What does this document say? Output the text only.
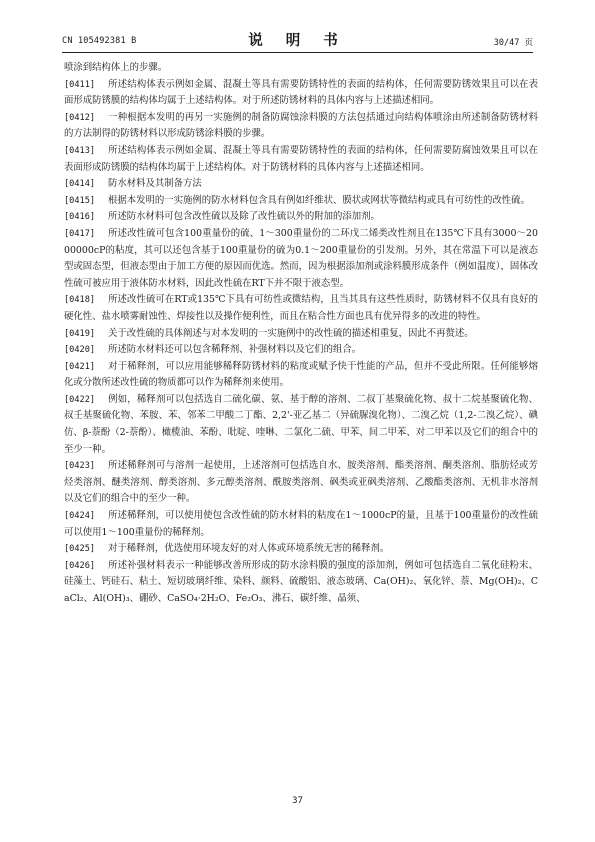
CN 105492381 B	说 明 书	30/47 页

喷涂到结构体上的步骤。

[0411] 所述结构体表示例如金属、混凝土等具有需要防锈特性的表面的结构体，任何需要防锈效果且可以在表面形成防锈膜的结构体均属于上述结构体。对于所述防锈材料的具体内容与上述描述相同。

[0412] 一种根据本发明的再另一实施例的制备防腐蚀涂料膜的方法包括通过向结构体喷涂由所述制备防锈材料的方法制得的防锈材料以形成防锈涂料膜的步骤。

[0413] 所述结构体表示例如金属、混凝土等具有需要防锈特性的表面的结构体，任何需要防腐蚀效果且可以在表面形成防锈膜的结构体均属于上述结构体。对于防锈材料的具体内容与上述描述相同。

[0414] 防水材料及其制备方法

[0415] 根据本发明的一实施例的防水材料包含具有例如纤维状、膜状或网状等微结构或具有可纺性的改性硫。

[0416] 所述防水材料可包含改性硫以及除了改性硫以外的附加的添加剂。

[0417] 所述改性硫可包含100重量份的硫、1～300重量份的二环戊二烯类改性剂且在135℃下具有3000～2000000cP的粘度，其可以还包含基于100重量份的硫为0.1～200重量份的引发剂。另外，其在常温下可以是液态型或固态型，但液态型由于加工方便的原因而优选。然而，因为根据添加剂或涂料膜形成条件（例如温度），固体改性硫可被应用于液体防水材料，因此改性硫在RT下并不限于液态型。

[0418] 所述改性硫可在RT或135℃下具有可纺性或微结构，且当其具有这些性质时，防锈材料不仅具有良好的硬化性、盐水喷雾耐蚀性、焊接性以及操作便利性，而且在粘合性方面也具有优异得多的改进的特性。

[0419] 关于改性硫的具体阐述与对本发明的一实施例中的改性硫的描述相重复，因此不再赘述。

[0420] 所述防水材料还可以包含稀释剂、补强材料以及它们的组合。

[0421] 对于稀释剂，可以应用能够稀释防锈材料的粘度或赋予快干性能的产品，但并不受此所限。任何能够熔化或分散所述改性硫的物质都可以作为稀释剂来使用。

[0422] 例如，稀释剂可以包括选自二硫化碳、氨、基于醇的溶剂、二叔丁基聚硫化物、叔十二烷基聚硫化物、叔壬基聚硫化物、苯胺、苯、邻苯二甲酸二丁酯、2,2'-亚乙基二（异硫脲溴化物）、二溴乙烷（1,2-二溴乙烷）、碘仿、β-萘酚（2-萘酚）、橄榄油、苯酚、吡啶、喹啉、二氯化二硫、甲苯、间二甲苯、对二甲苯以及它们的组合中的至少一种。

[0423] 所述稀释剂可与溶剂一起使用，上述溶剂可包括选自水、胺类溶剂、酯类溶剂、酮类溶剂、脂肪烃或芳烃类溶剂、醚类溶剂、醇类溶剂、多元醇类溶剂、酰胺类溶剂、砜类或亚砜类溶剂、乙酸酯类溶剂、无机非水溶剂以及它们的组合中的至少一种。

[0424] 所述稀释剂，可以使用使包含改性硫的防水材料的粘度在1～1000cP的量，且基于100重量份的改性硫可以使用1～100重量份的稀释剂。

[0425] 对于稀释剂，优选使用环境友好的对人体或环境系统无害的稀释剂。

[0426] 所述补强材料表示一种能够改善所形成的防水涂料膜的强度的添加剂，例如可包括选自二氧化硅粉末、硅藻土、钙硅石、粘土、短切玻璃纤维、染料、颜料、硫酸铝、液态玻璃、Ca(OH)₂、氧化锌、萘、Mg(OH)₂、CaCl₂、Al(OH)₃、硼砂、CaSO₄·2H₂O、Fe₂O₃、沸石、碳纤维、晶须、

37
